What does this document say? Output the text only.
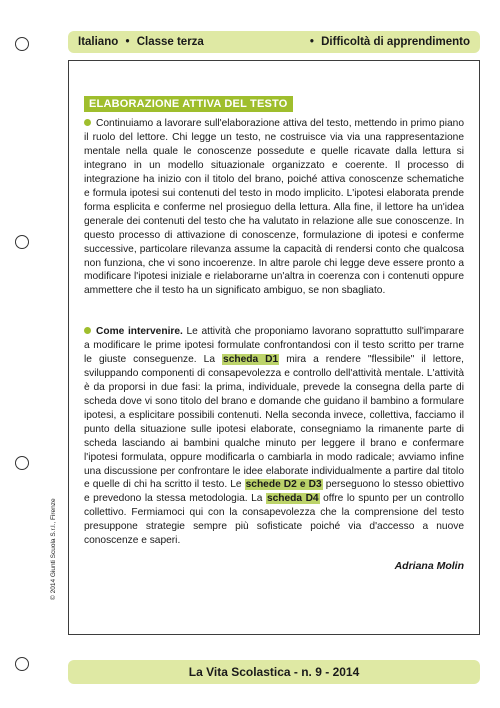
Italiano • Classe terza	• Difficoltà di apprendimento
ELABORAZIONE ATTIVA DEL TESTO
Continuiamo a lavorare sull'elaborazione attiva del testo, mettendo in primo piano il ruolo del lettore. Chi legge un testo, ne costruisce via via una rappresentazione mentale nella quale le conoscenze possedute e quelle ricavate dalla lettura si integrano in un modello situazionale organizzato e coerente. Il processo di integrazione ha inizio con il titolo del brano, poiché attiva conoscenze schematiche e formula ipotesi sui contenuti del testo in modo implicito. L'ipotesi elaborata prende forma esplicita e conferme nel prosieguo della lettura. Alla fine, il lettore ha un'idea generale dei contenuti del testo che ha valutato in relazione alle sue conoscenze. In questo processo di attivazione di conoscenze, formulazione di ipotesi e conferme successive, particolare rilevanza assume la capacità di rendersi conto che qualcosa non funziona, che vi sono incoerenze. In altre parole chi legge deve essere pronto a modificare l'ipotesi iniziale e rielaborarne un'altra in coerenza con i contenuti oppure ammettere che il testo ha un significato ambiguo, se non sbagliato.
Come intervenire. Le attività che proponiamo lavorano soprattutto sull'imparare a modificare le prime ipotesi formulate confrontandosi con il testo scritto per trarne le giuste conseguenze. La scheda D1 mira a rendere "flessibile" il lettore, sviluppando componenti di consapevolezza e controllo dell'attività mentale. L'attività è da proporsi in due fasi: la prima, individuale, prevede la consegna della parte di scheda dove vi sono titolo del brano e domande che guidano il bambino a formulare ipotesi, a esplicitare possibili contenuti. Nella seconda invece, collettiva, facciamo il punto della situazione sulle ipotesi elaborate, consegniamo la rimanente parte di scheda lasciando ai bambini qualche minuto per leggere il brano e confermare l'ipotesi formulata, oppure modificarla o cambiarla in modo radicale; avviamo infine una discussione per confrontare le idee elaborate individualmente a partire dal titolo e quelle di chi ha scritto il testo. Le schede D2 e D3 perseguono lo stesso obiettivo e prevedono la stessa metodologia. La scheda D4 offre lo spunto per un controllo collettivo. Fermiamoci qui con la consapevolezza che la comprensione del testo presuppone strategie sempre più sofisticate poiché via d'accesso a nuove conoscenze e saperi.
Adriana Molin
© 2014 Giunti Scuola S.r.l., Firenze
La Vita Scolastica - n. 9 - 2014
